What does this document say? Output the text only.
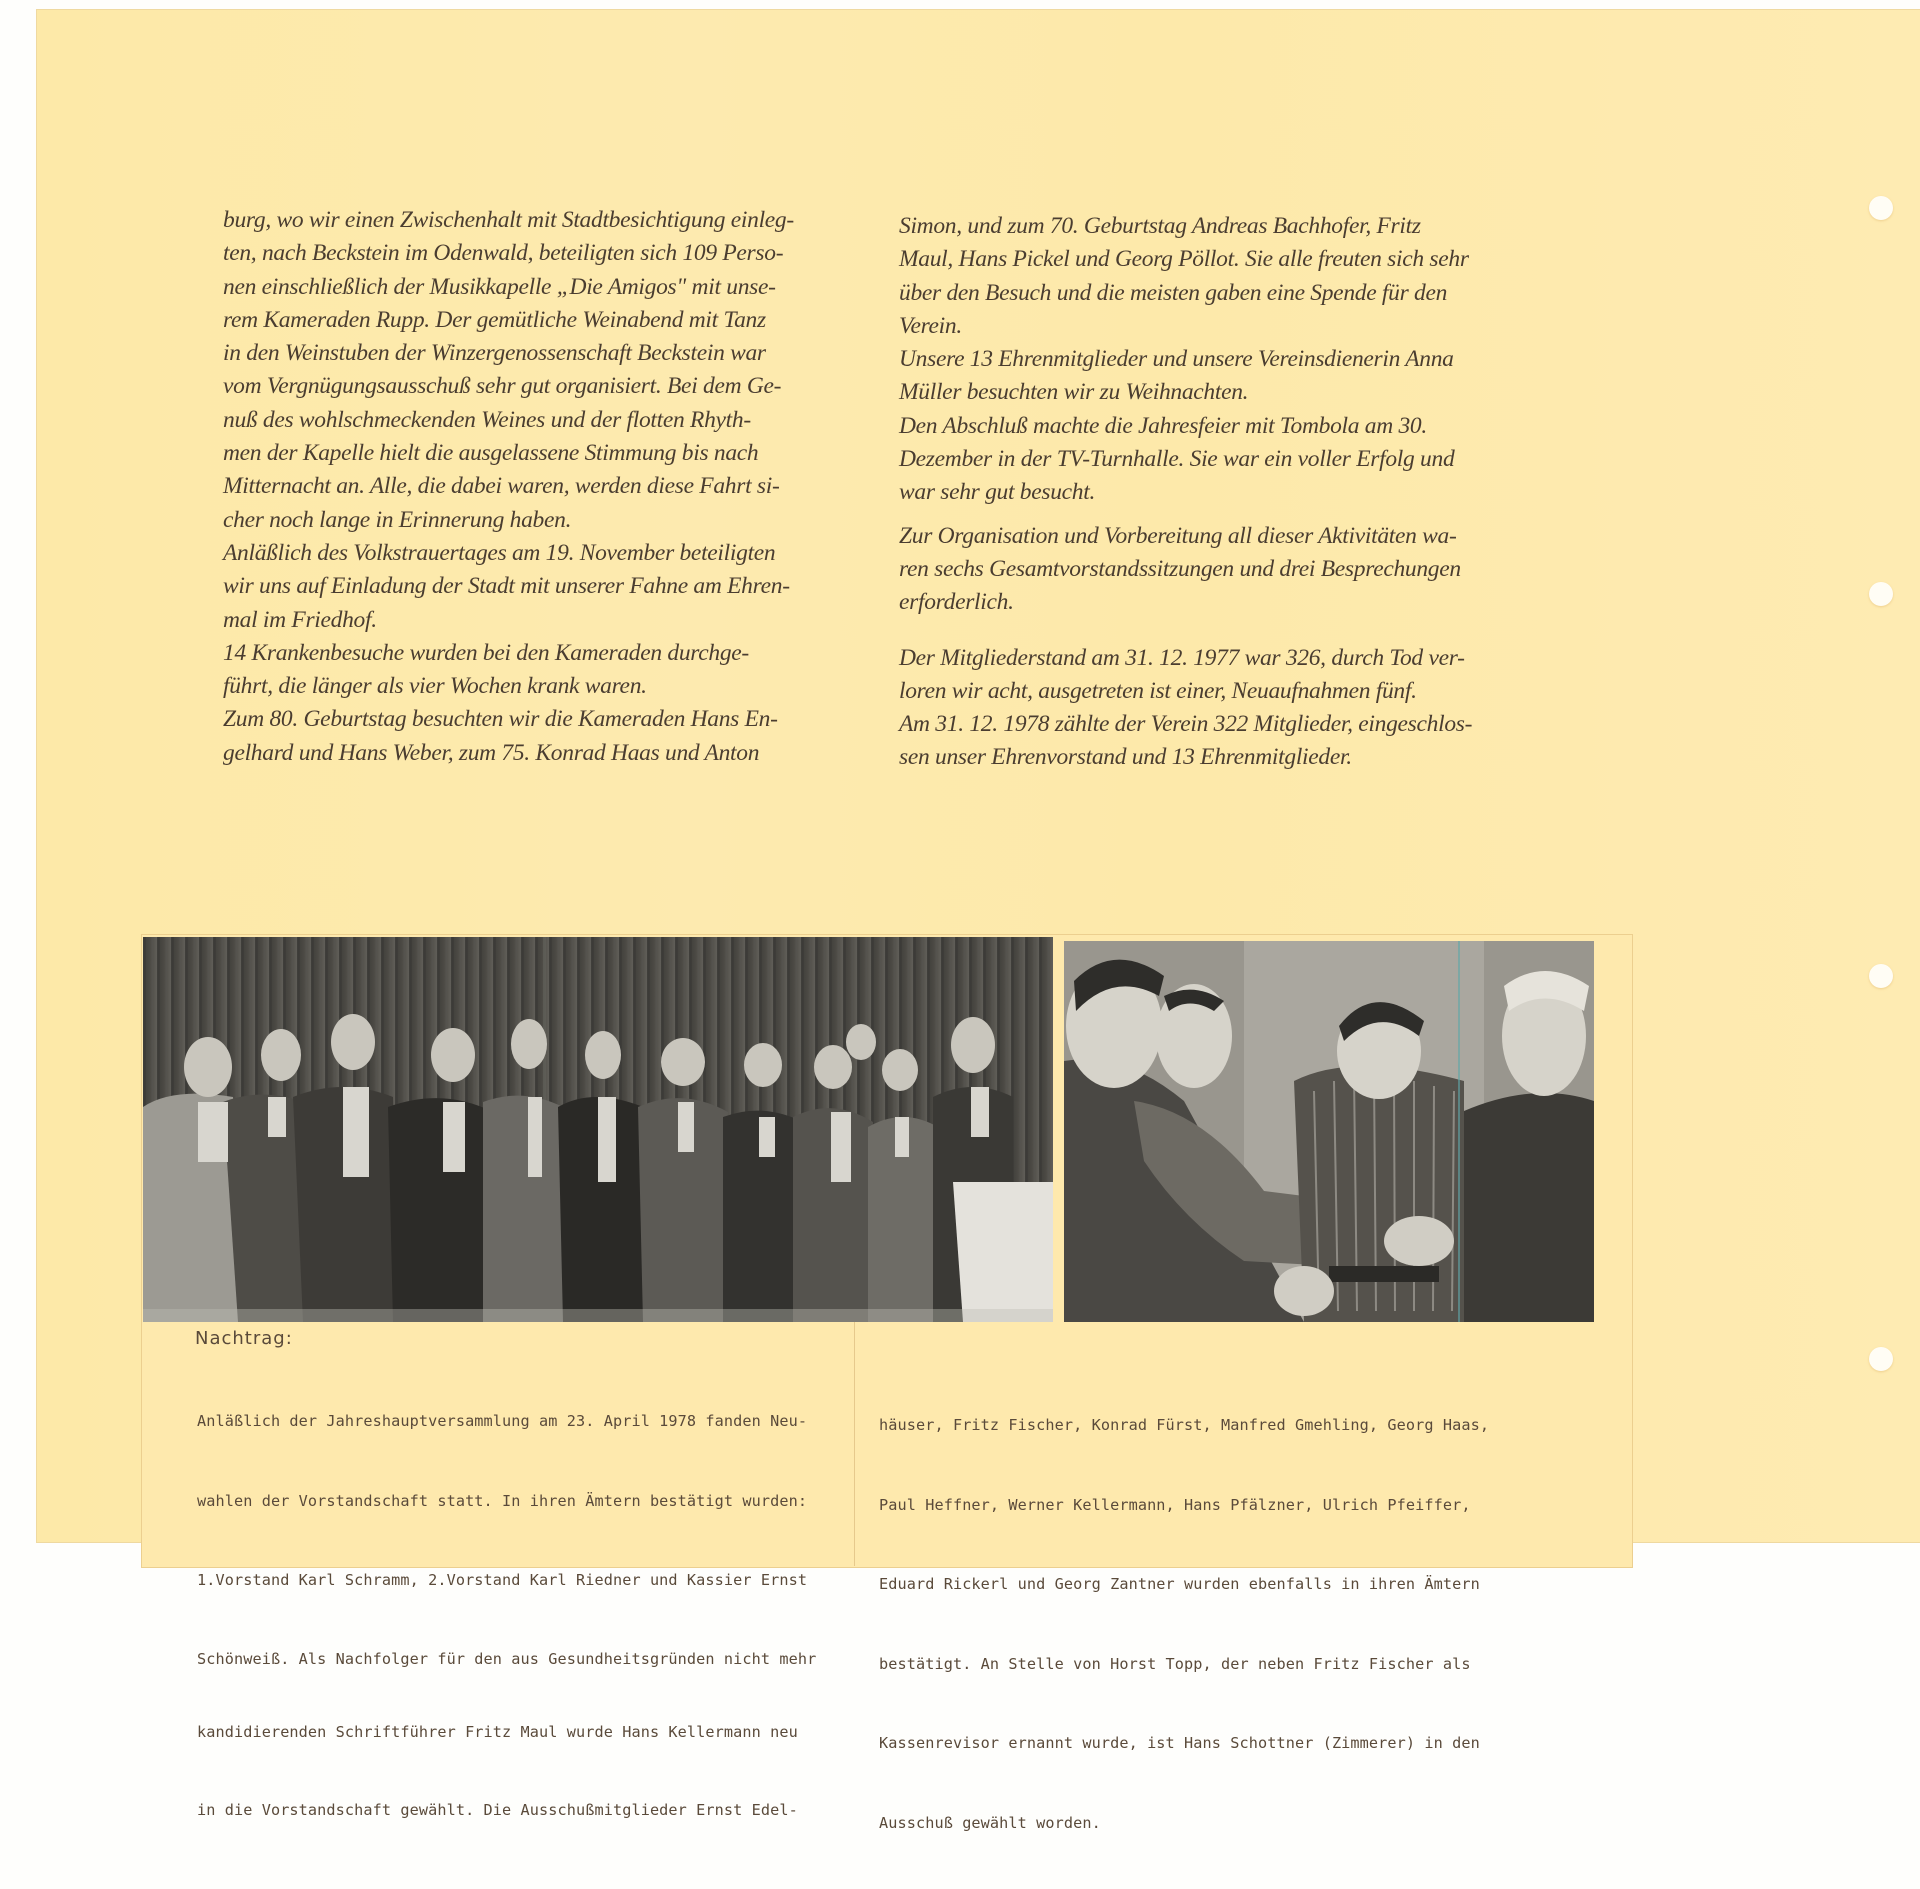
burg, wo wir einen Zwischenhalt mit Stadtbesichtigung einleg-

ten, nach Beckstein im Odenwald, beteiligten sich 109 Perso-

nen einschließlich der Musikkapelle „Die Amigos" mit unse-

rem Kameraden Rupp. Der gemütliche Weinabend mit Tanz

in den Weinstuben der Winzergenossenschaft Beckstein war

vom Vergnügungsausschuß sehr gut organisiert. Bei dem Ge-

nuß des wohlschmeckenden Weines und der flotten Rhyth-

men der Kapelle hielt die ausgelassene Stimmung bis nach

Mitternacht an. Alle, die dabei waren, werden diese Fahrt si-

cher noch lange in Erinnerung haben.

Anläßlich des Volkstrauertages am 19. November beteiligten

wir uns auf Einladung der Stadt mit unserer Fahne am Ehren-

mal im Friedhof.

14 Krankenbesuche wurden bei den Kameraden durchge-

führt, die länger als vier Wochen krank waren.

Zum 80. Geburtstag besuchten wir die Kameraden Hans En-

gelhard und Hans Weber, zum 75. Konrad Haas und Anton

Simon, und zum 70. Geburtstag Andreas Bachhofer, Fritz

Maul, Hans Pickel und Georg Pöllot. Sie alle freuten sich sehr

über den Besuch und die meisten gaben eine Spende für den

Verein.

Unsere 13 Ehrenmitglieder und unsere Vereinsdienerin Anna

Müller besuchten wir zu Weihnachten.

Den Abschluß machte die Jahresfeier mit Tombola am 30.

Dezember in der TV-Turnhalle. Sie war ein voller Erfolg und

war sehr gut besucht.

Zur Organisation und Vorbereitung all dieser Aktivitäten wa-

ren sechs Gesamtvorstandssitzungen und drei Besprechungen

erforderlich.

Der Mitgliederstand am 31. 12. 1977 war 326, durch Tod ver-

loren wir acht, ausgetreten ist einer, Neuaufnahmen fünf.

Am 31. 12. 1978 zählte der Verein 322 Mitglieder, eingeschlos-

sen unser Ehrenvorstand und 13 Ehrenmitglieder.

Nachtrag:

Anläßlich der Jahreshauptversammlung am 23. April 1978 fanden Neu-

wahlen der Vorstandschaft statt. In ihren Ämtern bestätigt wurden:

1.Vorstand Karl Schramm, 2.Vorstand Karl Riedner und Kassier Ernst

Schönweiß. Als Nachfolger für den aus Gesundheitsgründen nicht mehr

kandidierenden Schriftführer Fritz Maul wurde Hans Kellermann neu

in die Vorstandschaft gewählt. Die Ausschußmitglieder Ernst Edel-

häuser, Fritz Fischer, Konrad Fürst, Manfred Gmehling, Georg Haas,

Paul Heffner, Werner Kellermann, Hans Pfälzner, Ulrich Pfeiffer,

Eduard Rickerl und Georg Zantner wurden ebenfalls in ihren Ämtern

bestätigt. An Stelle von Horst Topp, der neben Fritz Fischer als

Kassenrevisor ernannt wurde, ist Hans Schottner (Zimmerer) in den

Ausschuß gewählt worden.
